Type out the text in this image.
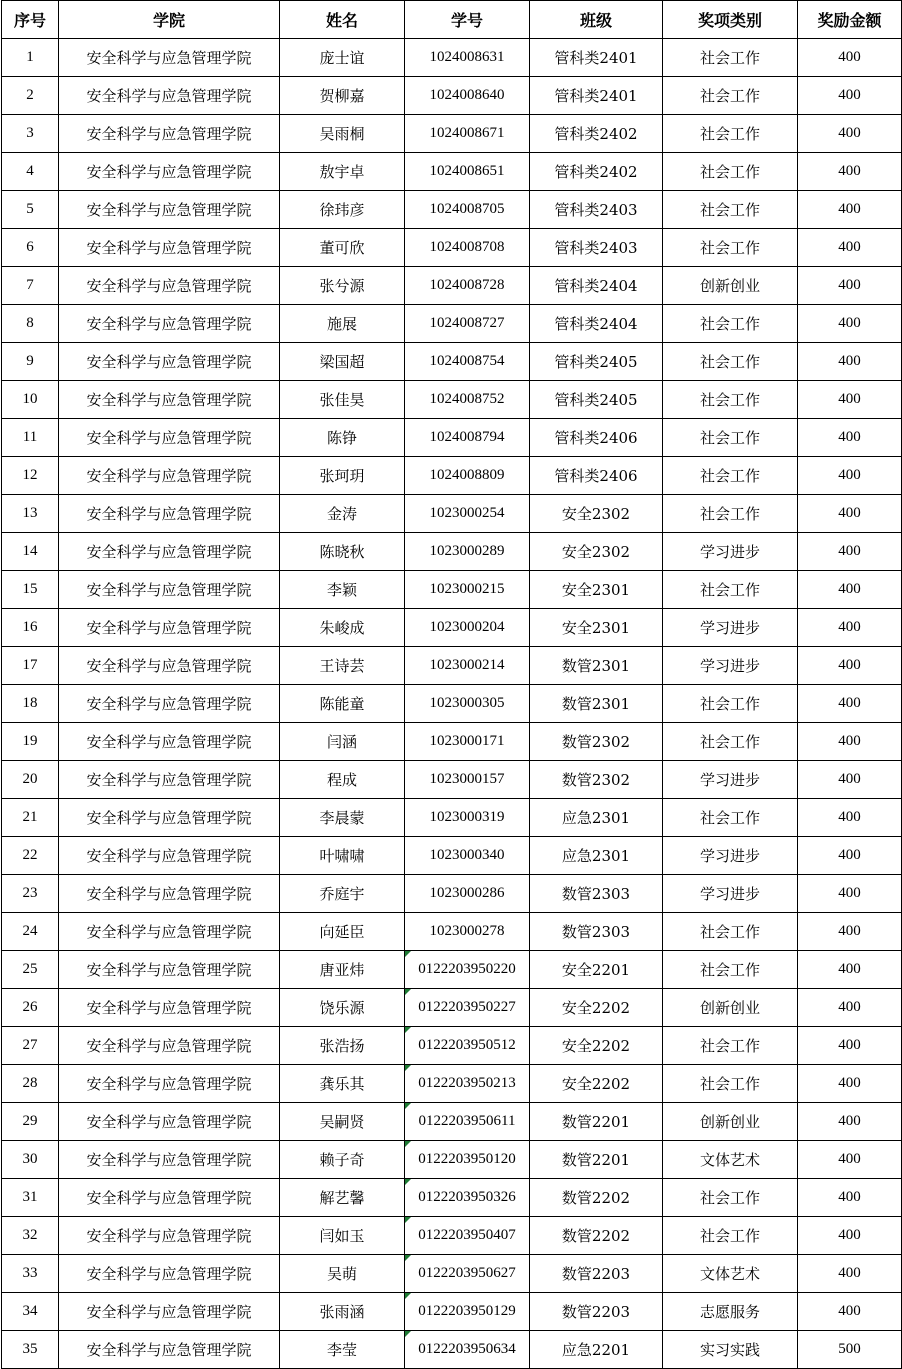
序号	学院	姓名	学号	班级	奖项类别	奖励金额
1	安全科学与应急管理学院	庞士谊	1024008631	管科类2401	社会工作	400
2	安全科学与应急管理学院	贺柳嘉	1024008640	管科类2401	社会工作	400
3	安全科学与应急管理学院	吴雨桐	1024008671	管科类2402	社会工作	400
4	安全科学与应急管理学院	敖宇卓	1024008651	管科类2402	社会工作	400
5	安全科学与应急管理学院	徐玮彦	1024008705	管科类2403	社会工作	400
6	安全科学与应急管理学院	董可欣	1024008708	管科类2403	社会工作	400
7	安全科学与应急管理学院	张兮源	1024008728	管科类2404	创新创业	400
8	安全科学与应急管理学院	施展	1024008727	管科类2404	社会工作	400
9	安全科学与应急管理学院	梁国超	1024008754	管科类2405	社会工作	400
10	安全科学与应急管理学院	张佳昊	1024008752	管科类2405	社会工作	400
11	安全科学与应急管理学院	陈铮	1024008794	管科类2406	社会工作	400
12	安全科学与应急管理学院	张珂玥	1024008809	管科类2406	社会工作	400
13	安全科学与应急管理学院	金涛	1023000254	安全2302	社会工作	400
14	安全科学与应急管理学院	陈晓秋	1023000289	安全2302	学习进步	400
15	安全科学与应急管理学院	李颖	1023000215	安全2301	社会工作	400
16	安全科学与应急管理学院	朱峻成	1023000204	安全2301	学习进步	400
17	安全科学与应急管理学院	王诗芸	1023000214	数管2301	学习进步	400
18	安全科学与应急管理学院	陈能童	1023000305	数管2301	社会工作	400
19	安全科学与应急管理学院	闫涵	1023000171	数管2302	社会工作	400
20	安全科学与应急管理学院	程成	1023000157	数管2302	学习进步	400
21	安全科学与应急管理学院	李晨蒙	1023000319	应急2301	社会工作	400
22	安全科学与应急管理学院	叶啸啸	1023000340	应急2301	学习进步	400
23	安全科学与应急管理学院	乔庭宇	1023000286	数管2303	学习进步	400
24	安全科学与应急管理学院	向延臣	1023000278	数管2303	社会工作	400
25	安全科学与应急管理学院	唐亚炜	0122203950220	安全2201	社会工作	400
26	安全科学与应急管理学院	饶乐源	0122203950227	安全2202	创新创业	400
27	安全科学与应急管理学院	张浩扬	0122203950512	安全2202	社会工作	400
28	安全科学与应急管理学院	龚乐其	0122203950213	安全2202	社会工作	400
29	安全科学与应急管理学院	吴嗣贤	0122203950611	数管2201	创新创业	400
30	安全科学与应急管理学院	赖子奇	0122203950120	数管2201	文体艺术	400
31	安全科学与应急管理学院	解艺馨	0122203950326	数管2202	社会工作	400
32	安全科学与应急管理学院	闫如玉	0122203950407	数管2202	社会工作	400
33	安全科学与应急管理学院	吴萌	0122203950627	数管2203	文体艺术	400
34	安全科学与应急管理学院	张雨涵	0122203950129	数管2203	志愿服务	400
35	安全科学与应急管理学院	李莹	0122203950634	应急2201	实习实践	500
